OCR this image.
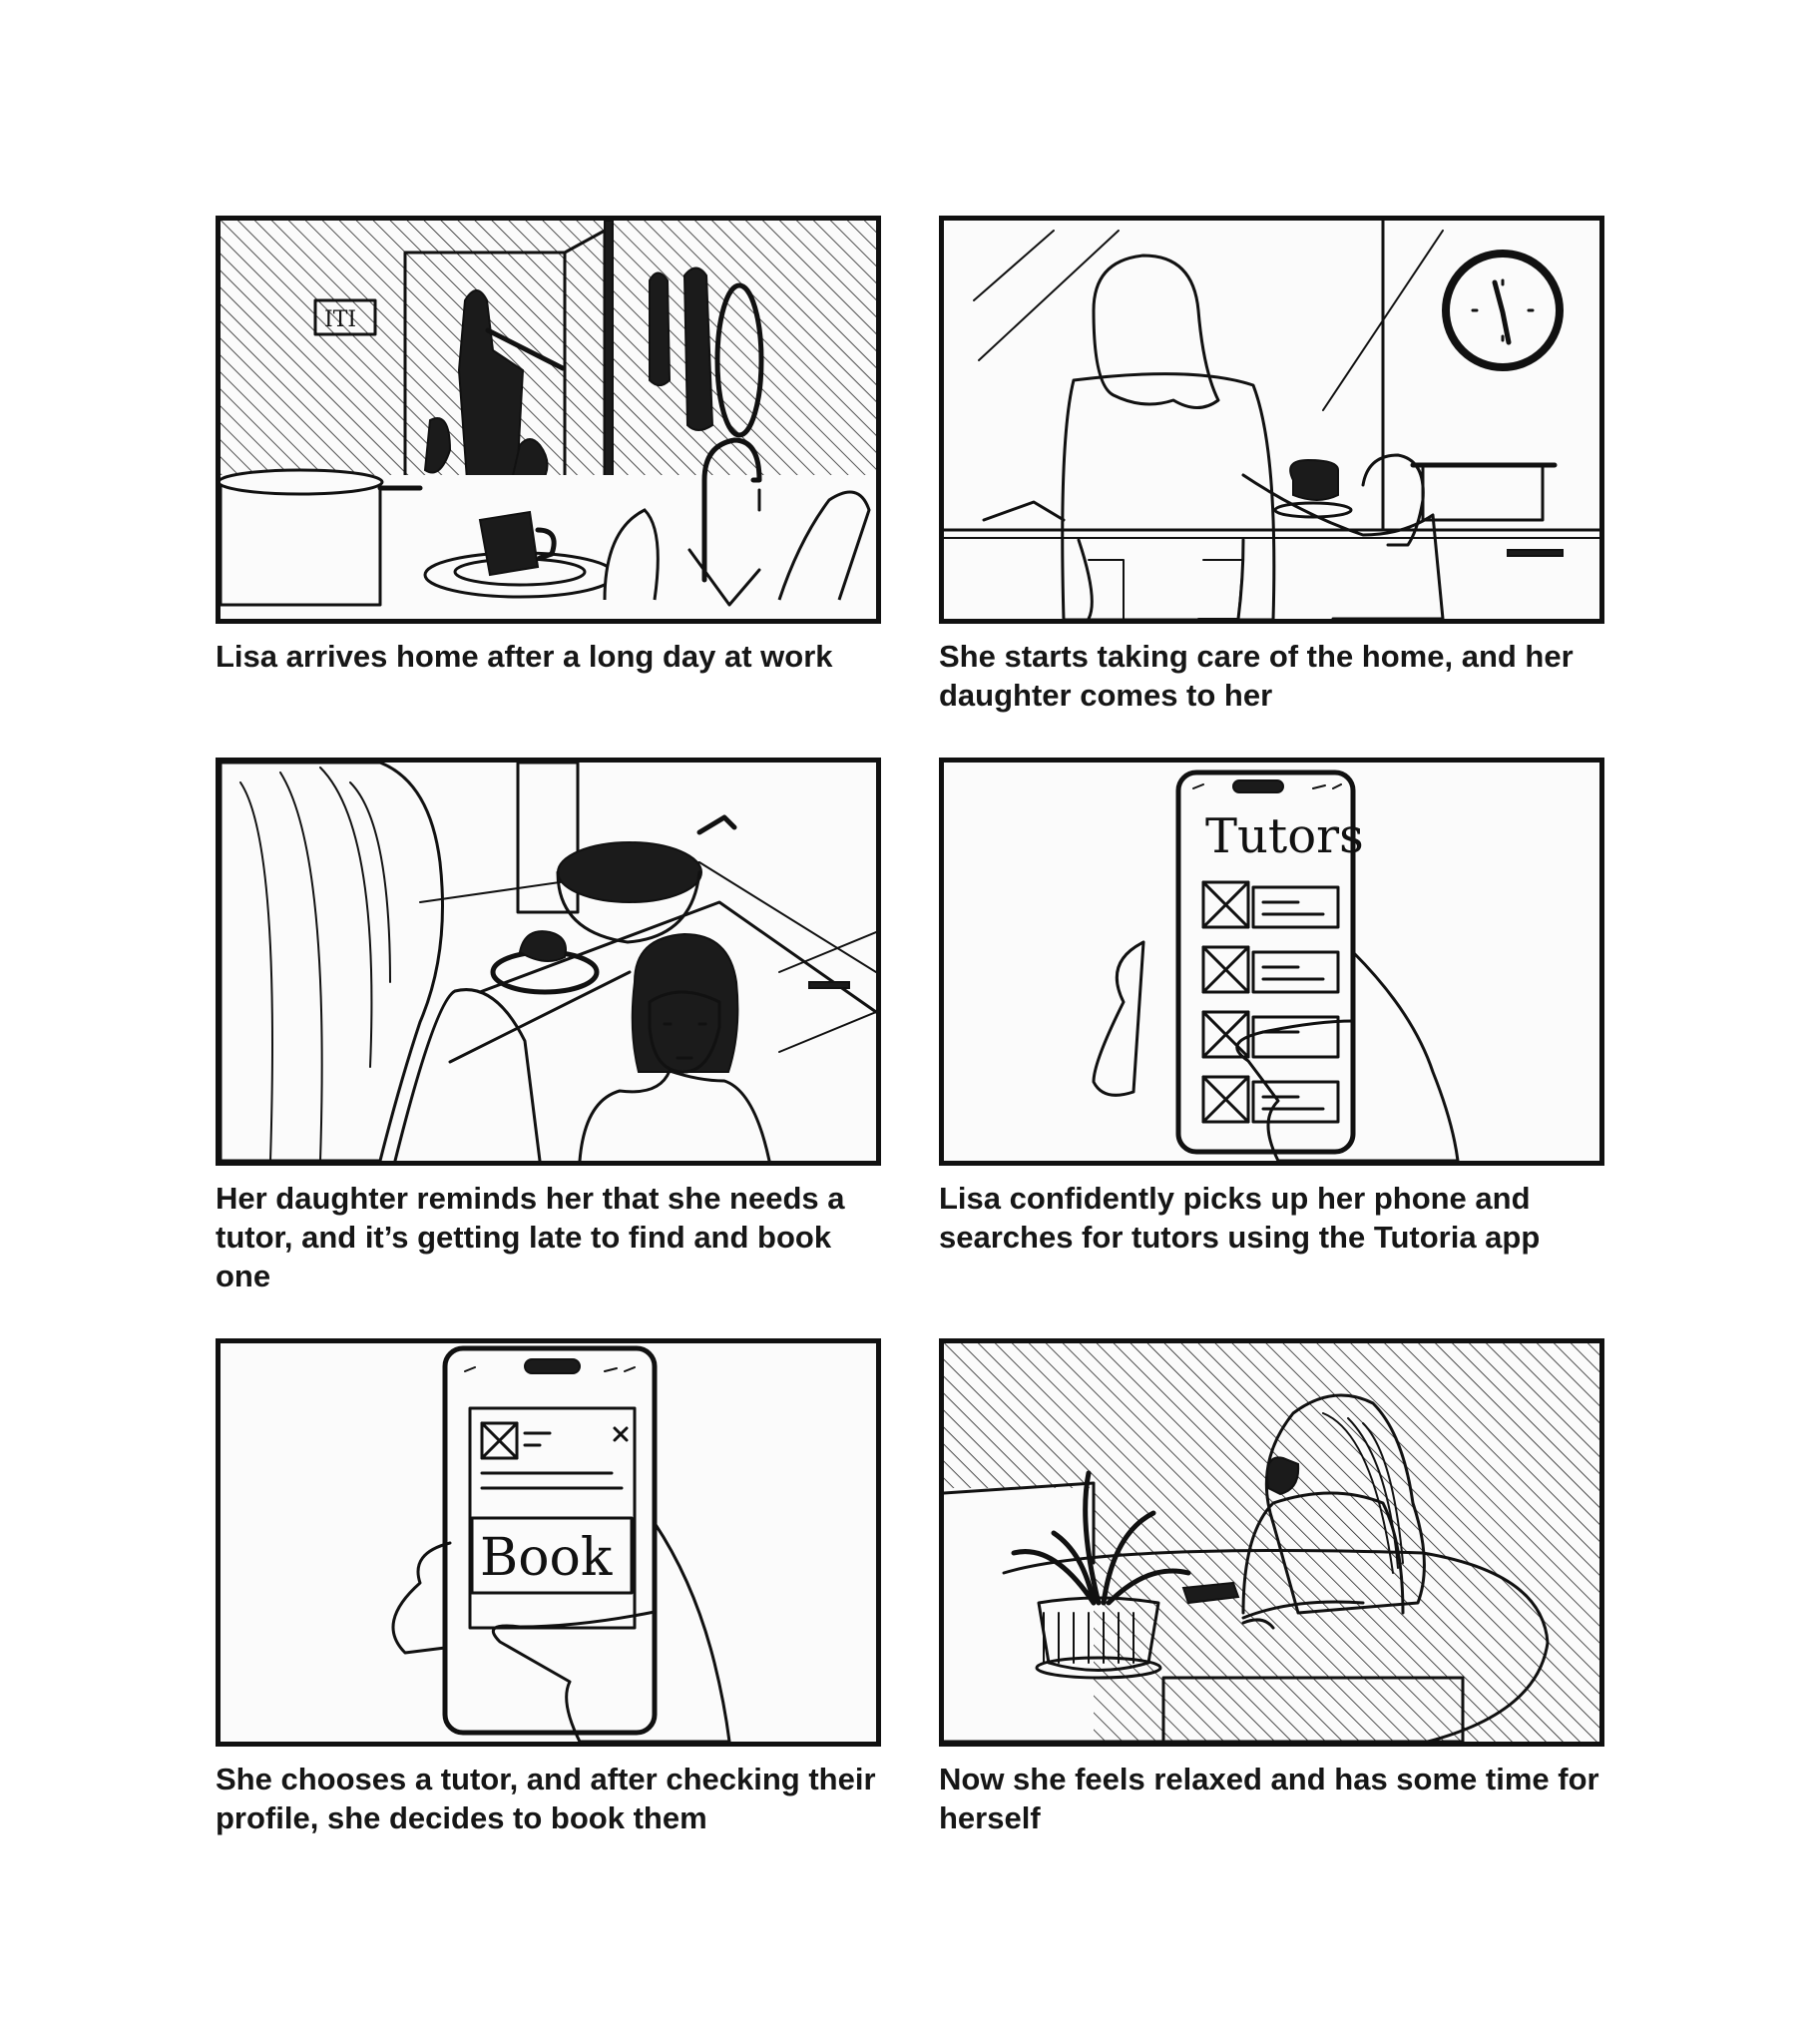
ITI

Lisa arrives home after a long day at work	She starts taking care of the home, and her daughter comes to her

Her daughter reminds her that she needs a tutor, and it’s getting late to find and book one

Tutors

Lisa confidently picks up her phone and searches for tutors using the Tutoria app

Book

She chooses a tutor, and after checking their profile, she decides to book them

Now she feels relaxed and has some time for herself
